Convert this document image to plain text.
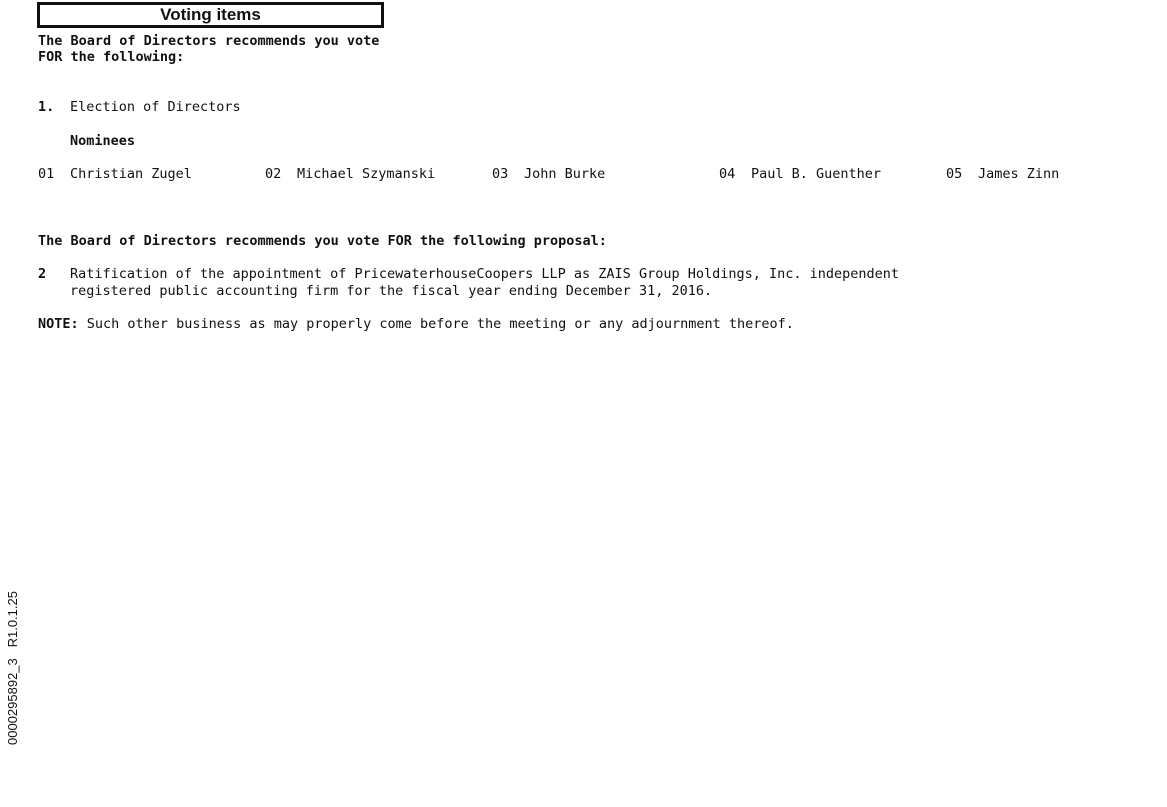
Voting items
The Board of Directors recommends you vote
FOR the following:
1. Election of Directors
Nominees
01 Christian Zugel	02 Michael Szymanski	03 John Burke	04 Paul B. Guenther	05 James Zinn
The Board of Directors recommends you vote FOR the following proposal:
2 Ratification of the appointment of PricewaterhouseCoopers LLP as ZAIS Group Holdings, Inc. independent
registered public accounting firm for the fiscal year ending December 31, 2016.
NOTE: Such other business as may properly come before the meeting or any adjournment thereof.
0000295892_3   R1.0.1.25
